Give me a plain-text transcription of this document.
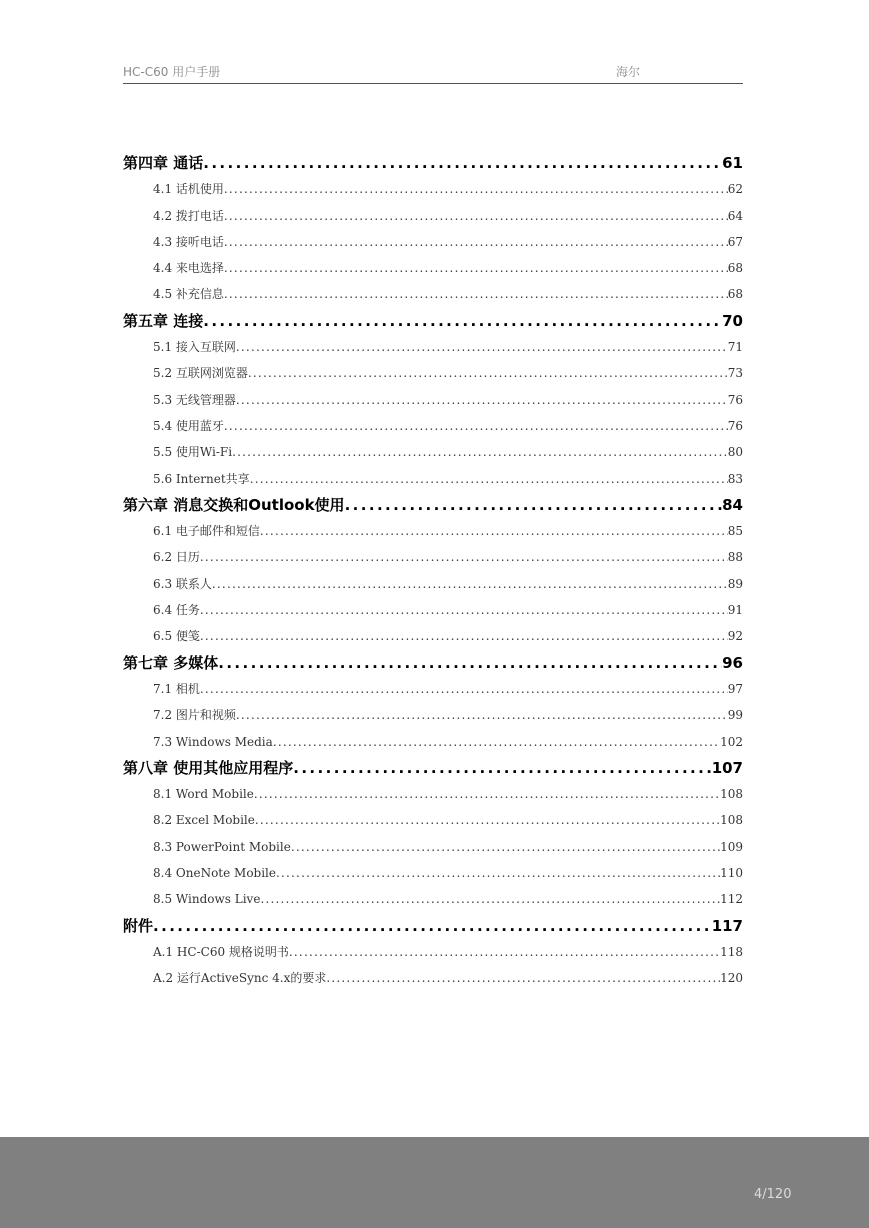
HC-C60 用户手册	海尔
第四章 通话 .....	61
4.1 话机使用 .....	62
4.2 拨打电话 .....	64
4.3 接听电话 .....	67
4.4 来电选择 .....	68
4.5 补充信息 .....	68
第五章 连接 .....	70
5.1 接入互联网 .....	71
5.2 互联网浏览器 .....	73
5.3 无线管理器 .....	76
5.4 使用蓝牙 .....	76
5.5 使用Wi-Fi .....	80
5.6 Internet共享 .....	83
第六章 消息交换和Outlook使用 .....	84
6.1 电子邮件和短信 .....	85
6.2 日历 .....	88
6.3 联系人 .....	89
6.4 任务 .....	91
6.5 便笺 .....	92
第七章 多媒体 .....	96
7.1 相机 .....	97
7.2 图片和视频 .....	99
7.3 Windows Media .....	102
第八章 使用其他应用程序 .....	107
8.1 Word Mobile .....	108
8.2 Excel Mobile .....	108
8.3 PowerPoint Mobile .....	109
8.4 OneNote Mobile .....	110
8.5 Windows Live .....	112
附件 .....	117
A.1 HC-C60 规格说明书 .....	118
A.2 运行ActiveSync 4.x的要求 .....	120
4/120
